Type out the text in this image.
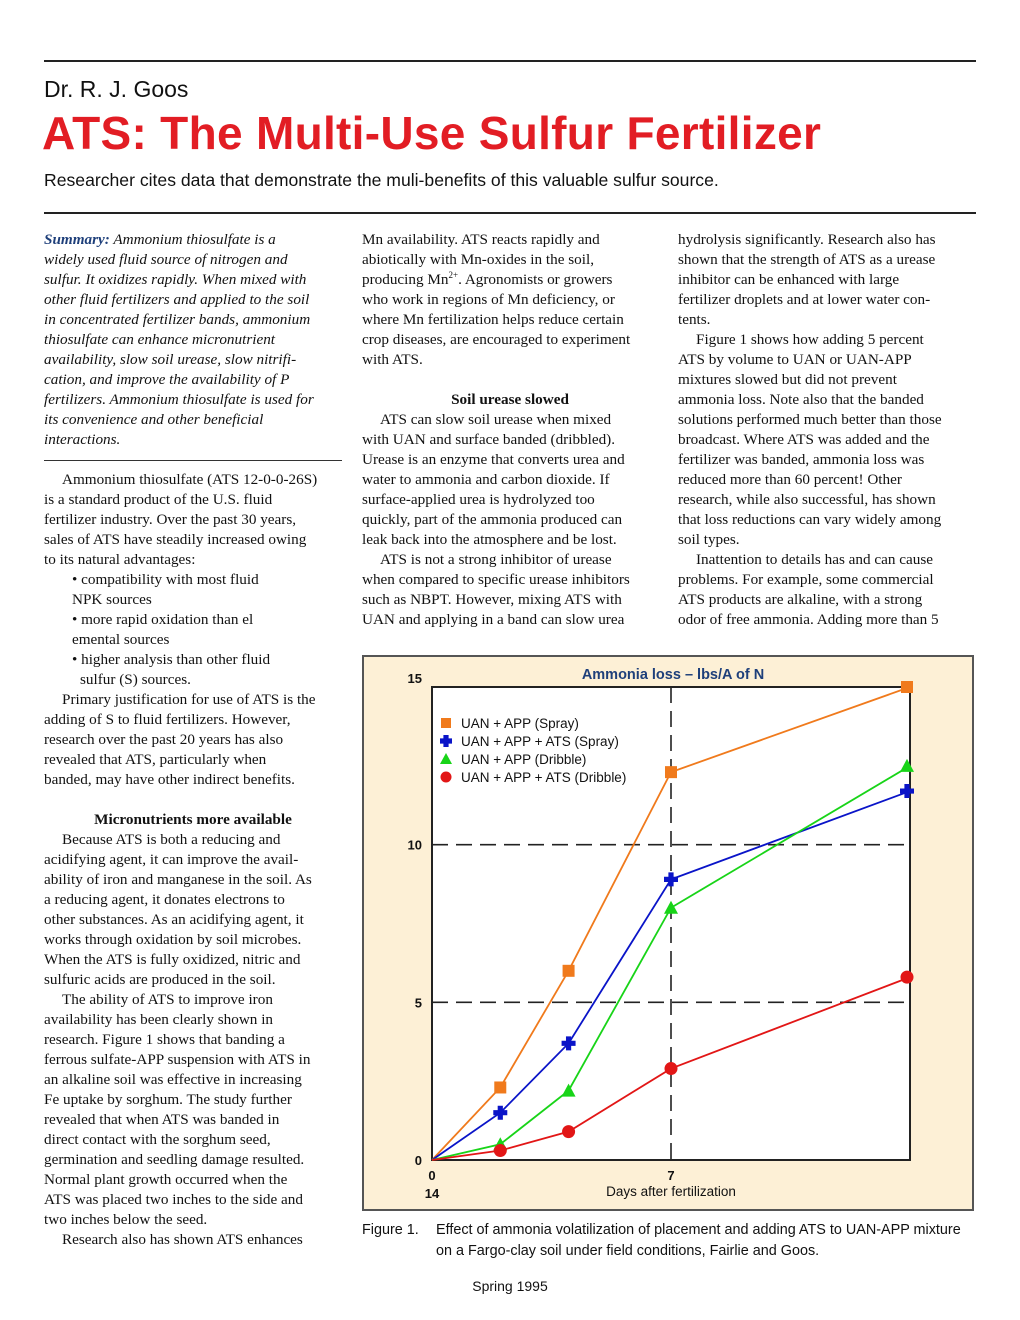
Dr. R. J. Goos
ATS: The Multi-Use Sulfur Fertilizer
Researcher cites data that demonstrate the muli-benefits of this valuable sulfur source.

Summary: Ammonium thiosulfate is a

widely used fluid source of nitrogen and

sulfur. It oxidizes rapidly. When mixed with

other fluid fertilizers and applied to the soil

in concentrated fertilizer bands, ammonium

thiosulfate can enhance micronutrient

availability, slow soil urease, slow nitrifi-

cation, and improve the availability of P

fertilizers. Ammonium thiosulfate is used for

its convenience and other beneficial

interactions.

Ammonium thiosulfate (ATS 12-0-0-26S)

is a standard product of the U.S. fluid

fertilizer industry. Over the past 30 years,

sales of ATS have steadily increased owing

to its natural advantages:

• compatibility with most fluid

NPK sources

• more rapid oxidation than el

emental sources

• higher analysis than other fluid

sulfur (S) sources.

Primary justification for use of ATS is the

adding of S to fluid fertilizers. However,

research over the past 20 years has also

revealed that ATS, particularly when

banded, may have other indirect benefits.

Micronutrients more available

Because ATS is both a reducing and

acidifying agent, it can improve the avail-

ability of iron and manganese in the soil. As

a reducing agent, it donates electrons to

other substances. As an acidifying agent, it

works through oxidation by soil microbes.

When the ATS is fully oxidized, nitric and

sulfuric acids are produced in the soil.

The ability of ATS to improve iron

availability has been clearly shown in

research. Figure 1 shows that banding a

ferrous sulfate-APP suspension with ATS in

an alkaline soil was effective in increasing

Fe uptake by sorghum. The study further

revealed that when ATS was banded in

direct contact with the sorghum seed,

germination and seedling damage resulted.

Normal plant growth occurred when the

ATS was placed two inches to the side and

two inches below the seed.

Research also has shown ATS enhances

Mn availability. ATS reacts rapidly and

abiotically with Mn-oxides in the soil,

producing $Mn^{2+}$. Agronomists or growers

who work in regions of Mn deficiency, or

where Mn fertilization helps reduce certain

crop diseases, are encouraged to experiment

with ATS.

Soil urease slowed

ATS can slow soil urease when mixed

with UAN and surface banded (dribbled).

Urease is an enzyme that converts urea and

water to ammonia and carbon dioxide. If

surface-applied urea is hydrolyzed too

quickly, part of the ammonia produced can

leak back into the atmosphere and be lost.

ATS is not a strong inhibitor of urease

when compared to specific urease inhibitors

such as NBPT. However, mixing ATS with

UAN and applying in a band can slow urea

hydrolysis significantly. Research also has

shown that the strength of ATS as a urease

inhibitor can be enhanced with large

fertilizer droplets and at lower water con-

tents.

Figure 1 shows how adding 5 percent

ATS by volume to UAN or UAN-APP

mixtures slowed but did not prevent

ammonia loss. Note also that the banded

solutions performed much better than those

broadcast. Where ATS was added and the

fertilizer was banded, ammonia loss was

reduced more than 60 percent! Other

research, while also successful, has shown

that loss reductions can vary widely among

soil types.

Inattention to details has and can cause

problems. For example, some commercial

ATS products are alkaline, with a strong

odor of free ammonia. Adding more than 5

Ammonia loss – lbs/A of N
0
5
10
15
0	7
14	Days after fertilization
UAN + APP (Spray)
UAN + APP + ATS (Spray)
UAN + APP (Dribble)
UAN + APP + ATS (Dribble)
Figure 1. Effect of ammonia volatilization of placement and adding ATS to UAN-APP mixture on a Fargo-clay soil under field conditions, Fairlie and Goos.
Spring 1995
